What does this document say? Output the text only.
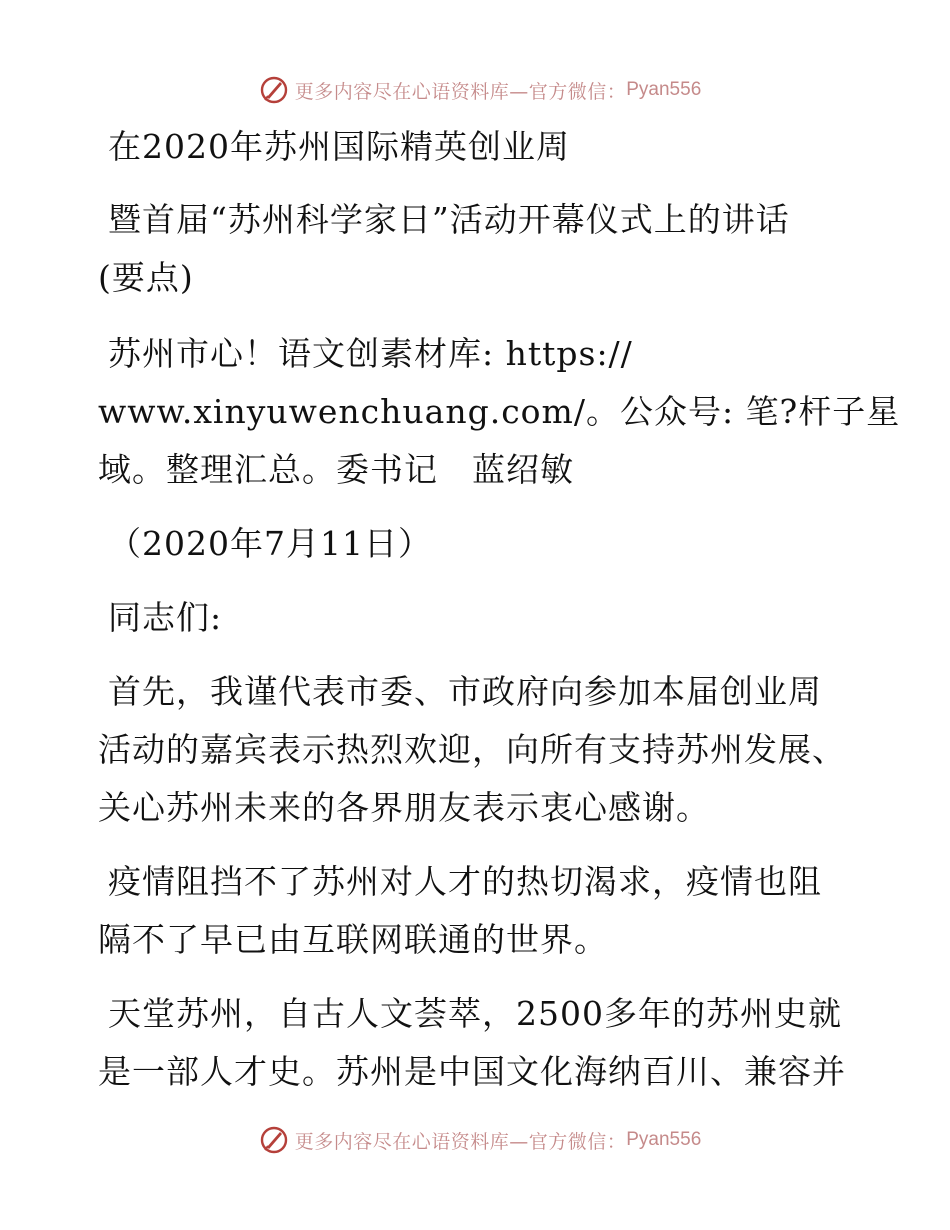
更多内容尽在心语资料库—官方微信： Pyan556
在2020年苏州国际精英创业周
暨首届“苏州科学家日”活动开幕仪式上的讲话
(要点)
苏州市心！语文创素材库: https://
www.xinyuwenchuang.com/。公众号: 笔?杆子星
域。整理汇总。委书记　蓝绍敏
（2020年7月11日）
同志们:
首先，我谨代表市委、市政府向参加本届创业周
活动的嘉宾表示热烈欢迎，向所有支持苏州发展、
关心苏州未来的各界朋友表示衷心感谢。
疫情阻挡不了苏州对人才的热切渴求，疫情也阻
隔不了早已由互联网联通的世界。
天堂苏州，自古人文荟萃，2500多年的苏州史就
是一部人才史。苏州是中国文化海纳百川、兼容并
更多内容尽在心语资料库—官方微信： Pyan556
